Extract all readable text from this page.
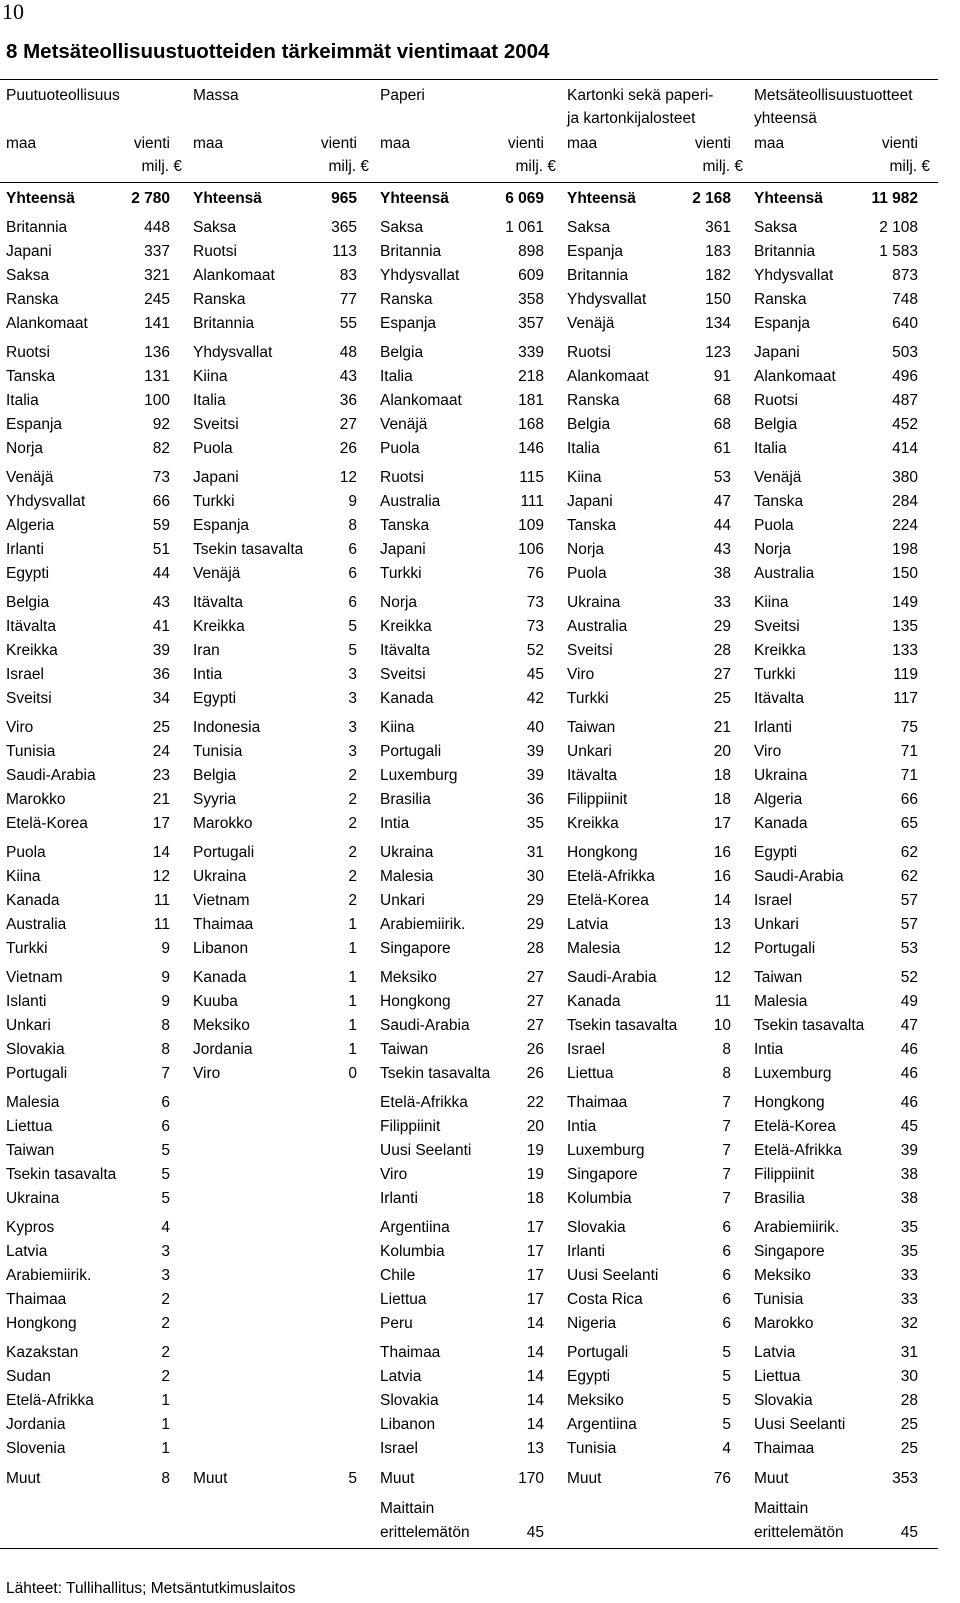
10
8 Metsäteollisuustuotteiden tärkeimmät vientimaat 2004
Puutuoteollisuus
maa	vienti
milj. €
Yhteensä	2 780
Britannia	448
Japani	337
Saksa	321
Ranska	245
Alankomaat	141
Ruotsi	136
Tanska	131
Italia	100
Espanja	92
Norja	82
Venäjä	73
Yhdysvallat	66
Algeria	59
Irlanti	51
Egypti	44
Belgia	43
Itävalta	41
Kreikka	39
Israel	36
Sveitsi	34
Viro	25
Tunisia	24
Saudi-Arabia	23
Marokko	21
Etelä-Korea	17
Puola	14
Kiina	12
Kanada	11
Australia	11
Turkki	9
Vietnam	9
Islanti	9
Unkari	8
Slovakia	8
Portugali	7
Malesia	6
Liettua	6
Taiwan	5
Tsekin tasavalta	5
Ukraina	5
Kypros	4
Latvia	3
Arabiemiirik.	3
Thaimaa	2
Hongkong	2
Kazakstan	2
Sudan	2
Etelä-Afrikka	1
Jordania	1
Slovenia	1
Muut	8
Massa
maa	vienti
milj. €
Yhteensä	965
Saksa	365
Ruotsi	113
Alankomaat	83
Ranska	77
Britannia	55
Yhdysvallat	48
Kiina	43
Italia	36
Sveitsi	27
Puola	26
Japani	12
Turkki	9
Espanja	8
Tsekin tasavalta	6
Venäjä	6
Itävalta	6
Kreikka	5
Iran	5
Intia	3
Egypti	3
Indonesia	3
Tunisia	3
Belgia	2
Syyria	2
Marokko	2
Portugali	2
Ukraina	2
Vietnam	2
Thaimaa	1
Libanon	1
Kanada	1
Kuuba	1
Meksiko	1
Jordania	1
Viro	0
Muut	5
Paperi
maa	vienti
milj. €
Yhteensä	6 069
Saksa	1 061
Britannia	898
Yhdysvallat	609
Ranska	358
Espanja	357
Belgia	339
Italia	218
Alankomaat	181
Venäjä	168
Puola	146
Ruotsi	115
Australia	111
Tanska	109
Japani	106
Turkki	76
Norja	73
Kreikka	73
Itävalta	52
Sveitsi	45
Kanada	42
Kiina	40
Portugali	39
Luxemburg	39
Brasilia	36
Intia	35
Ukraina	31
Malesia	30
Unkari	29
Arabiemiirik.	29
Singapore	28
Meksiko	27
Hongkong	27
Saudi-Arabia	27
Taiwan	26
Tsekin tasavalta 26
Etelä-Afrikka	22
Filippiinit	20
Uusi Seelanti	19
Viro	19
Irlanti	18
Argentiina	17
Kolumbia	17
Chile	17
Liettua	17
Peru	14
Thaimaa	14
Latvia	14
Slovakia	14
Libanon	14
Israel	13
Muut	170
Maittain
erittelemätön	45
Kartonki sekä paperi-
ja kartonkijalosteet
maa	vienti
milj. €
Yhteensä	2 168
Saksa	361
Espanja	183
Britannia	182
Yhdysvallat	150
Venäjä	134
Ruotsi	123
Alankomaat	91
Ranska	68
Belgia	68
Italia	61
Kiina	53
Japani	47
Tanska	44
Norja	43
Puola	38
Ukraina	33
Australia	29
Sveitsi	28
Viro	27
Turkki	25
Taiwan	21
Unkari	20
Itävalta	18
Filippiinit	18
Kreikka	17
Hongkong	16
Etelä-Afrikka	16
Etelä-Korea	14
Latvia	13
Malesia	12
Saudi-Arabia	12
Kanada	11
Tsekin tasavalta 10
Israel	8
Liettua	8
Thaimaa	7
Intia	7
Luxemburg	7
Singapore	7
Kolumbia	7
Slovakia	6
Irlanti	6
Uusi Seelanti	6
Costa Rica	6
Nigeria	6
Portugali	5
Egypti	5
Meksiko	5
Argentiina	5
Tunisia	4
Muut	76
Metsäteollisuustuotteet
yhteensä
maa	vienti
milj. €
Yhteensä	11 982
Saksa	2 108
Britannia	1 583
Yhdysvallat	873
Ranska	748
Espanja	640
Japani	503
Alankomaat	496
Ruotsi	487
Belgia	452
Italia	414
Venäjä	380
Tanska	284
Puola	224
Norja	198
Australia	150
Kiina	149
Sveitsi	135
Kreikka	133
Turkki	119
Itävalta	117
Irlanti	75
Viro	71
Ukraina	71
Algeria	66
Kanada	65
Egypti	62
Saudi-Arabia	62
Israel	57
Unkari	57
Portugali	53
Taiwan	52
Malesia	49
Tsekin tasavalta 47
Intia	46
Luxemburg	46
Hongkong	46
Etelä-Korea	45
Etelä-Afrikka	39
Filippiinit	38
Brasilia	38
Arabiemiirik.	35
Singapore	35
Meksiko	33
Tunisia	33
Marokko	32
Latvia	31
Liettua	30
Slovakia	28
Uusi Seelanti	25
Thaimaa	25
Muut	353
Maittain
erittelemätön	45
Lähteet: Tullihallitus; Metsäntutkimuslaitos
